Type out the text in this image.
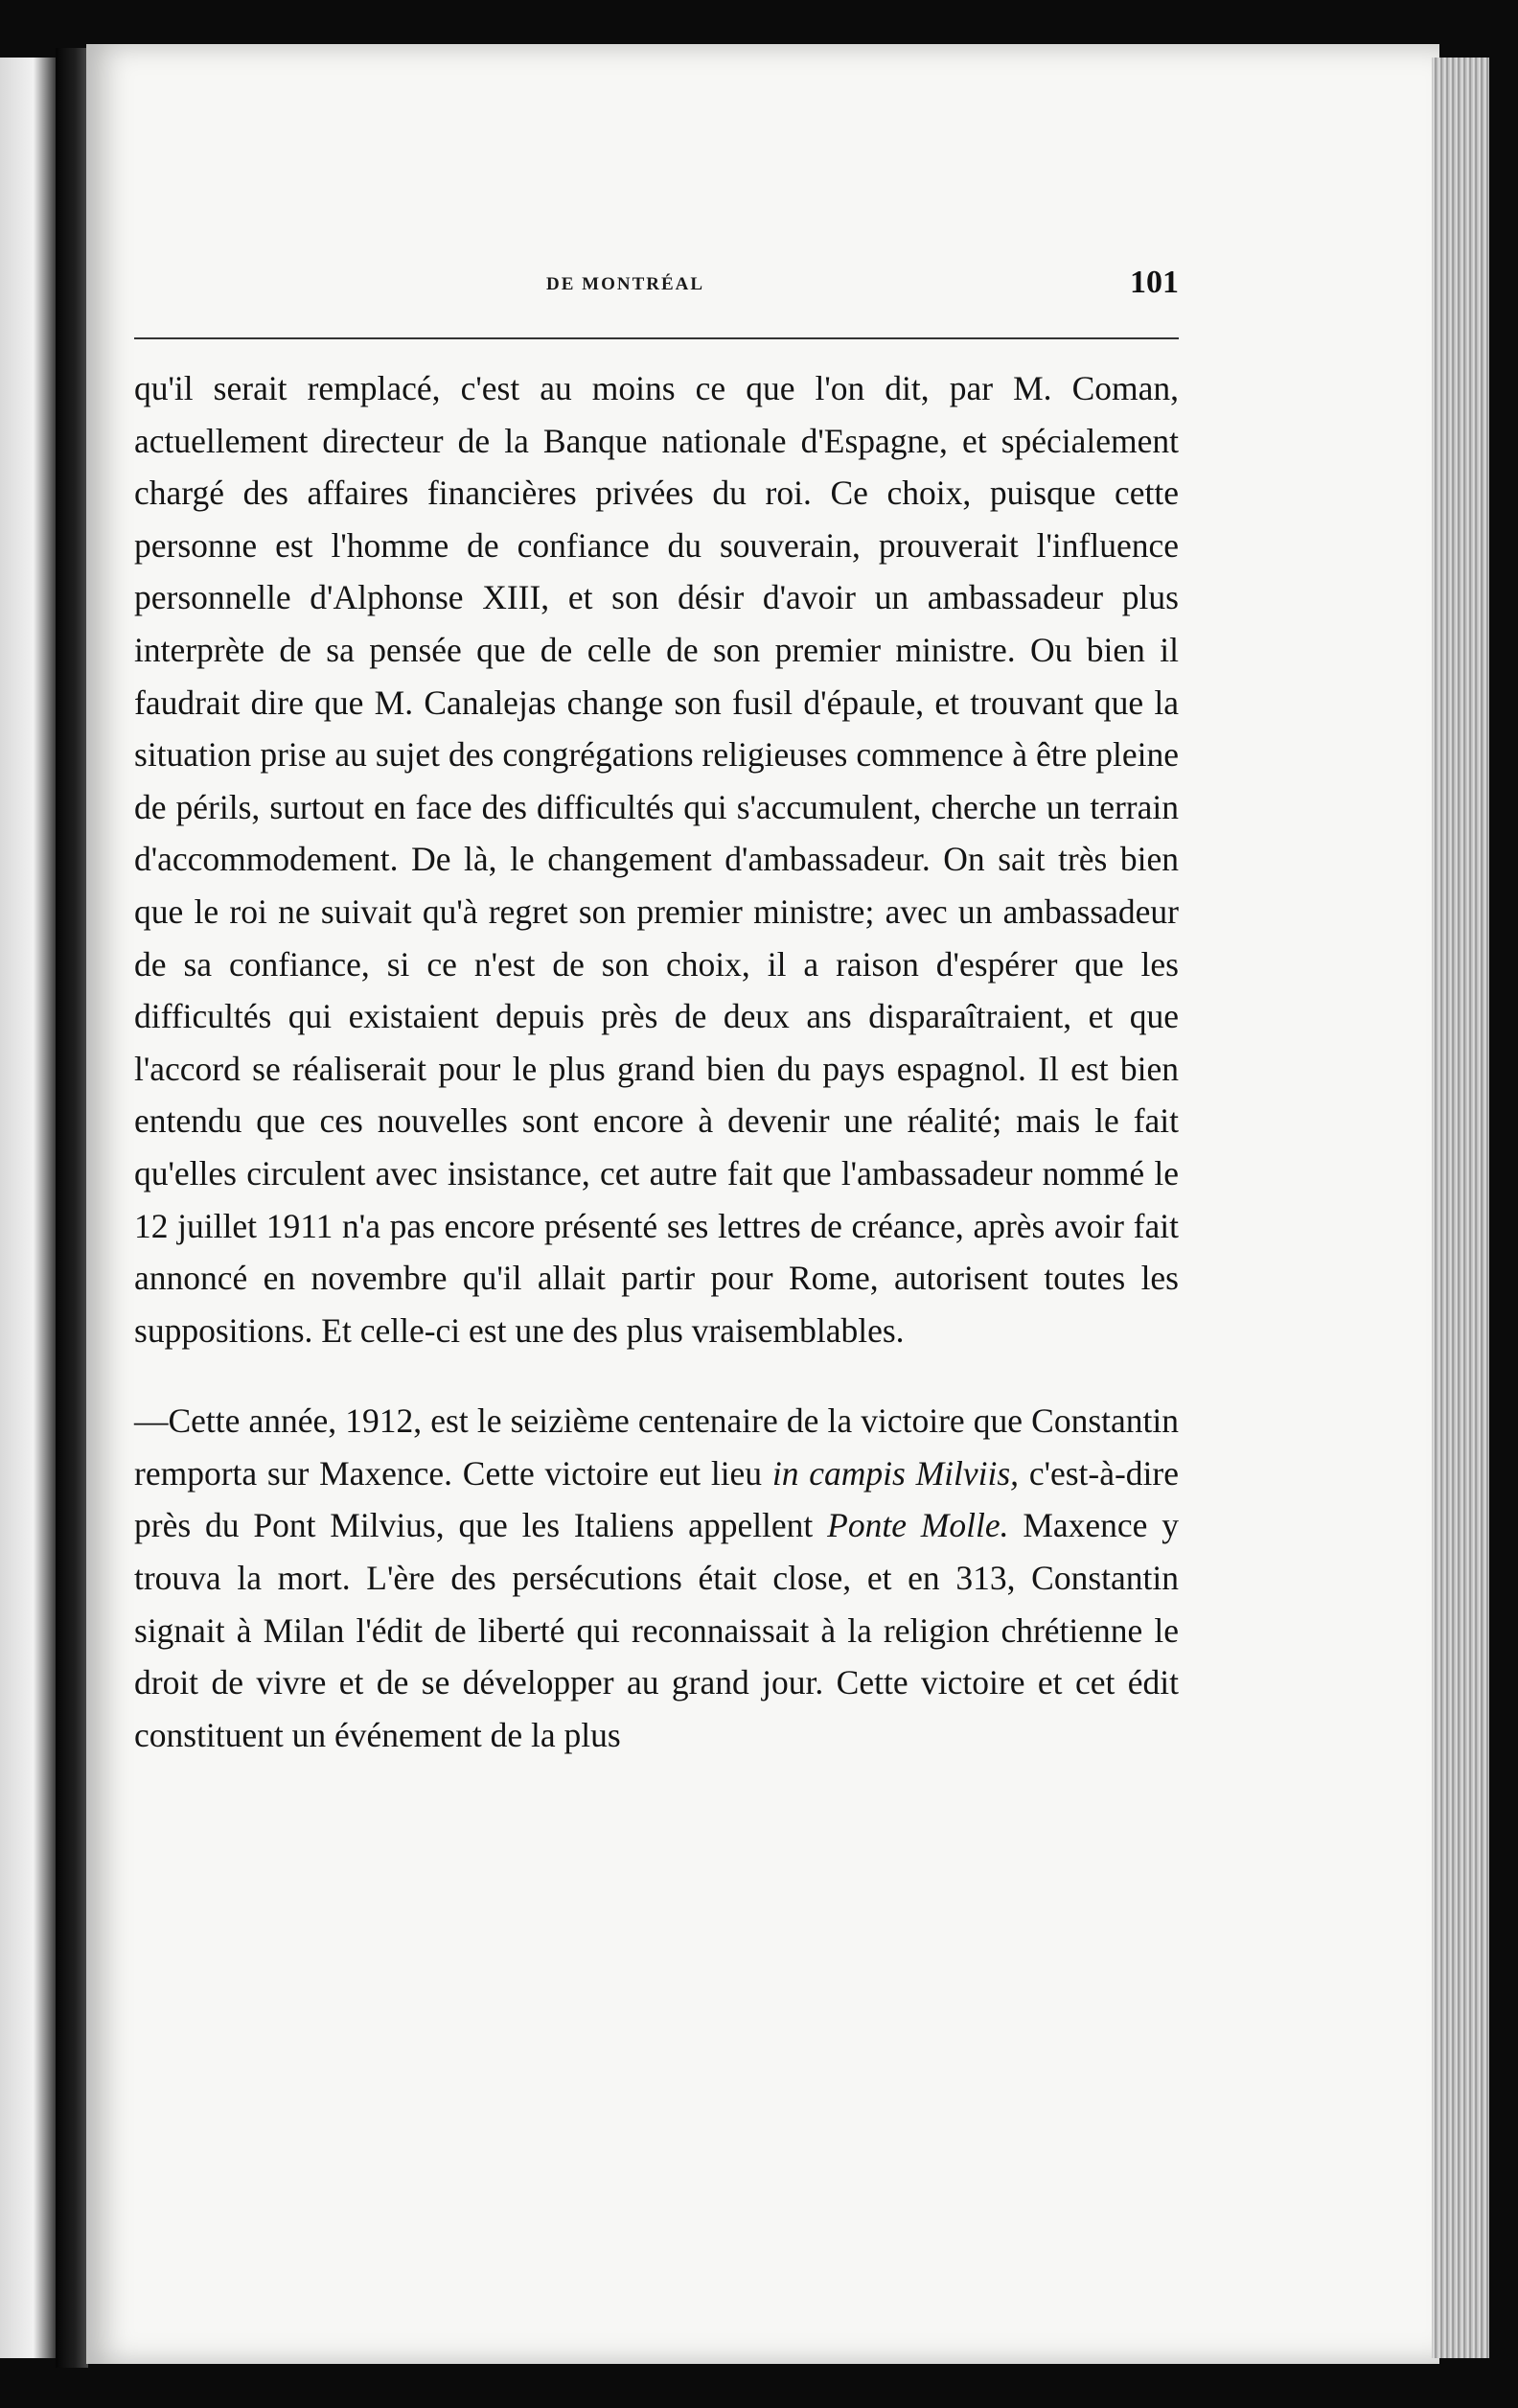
DE MONTRÉAL	101

qu'il serait remplacé, c'est au moins ce que l'on dit, par M. Coman, actuellement directeur de la Banque nationale d'Espagne, et spécialement chargé des affaires financières privées du roi. Ce choix, puisque cette personne est l'homme de confiance du souverain, prouverait l'influence personnelle d'Alphonse XIII, et son désir d'avoir un ambassadeur plus interprète de sa pensée que de celle de son premier ministre. Ou bien il faudrait dire que M. Canalejas change son fusil d'épaule, et trouvant que la situation prise au sujet des congrégations religieuses commence à être pleine de périls, surtout en face des difficultés qui s'accumulent, cherche un terrain d'accommodement. De là, le changement d'ambassadeur. On sait très bien que le roi ne suivait qu'à regret son premier ministre; avec un ambassadeur de sa confiance, si ce n'est de son choix, il a raison d'espérer que les difficultés qui existaient depuis près de deux ans disparaîtraient, et que l'accord se réaliserait pour le plus grand bien du pays espagnol. Il est bien entendu que ces nouvelles sont encore à devenir une réalité; mais le fait qu'elles circulent avec insistance, cet autre fait que l'ambassadeur nommé le 12 juillet 1911 n'a pas encore présenté ses lettres de créance, après avoir fait annoncé en novembre qu'il allait partir pour Rome, autorisent toutes les suppositions. Et celle-ci est une des plus vraisemblables.

—Cette année, 1912, est le seizième centenaire de la victoire que Constantin remporta sur Maxence. Cette victoire eut lieu in campis Milviis, c'est-à-dire près du Pont Milvius, que les Italiens appellent Ponte Molle. Maxence y trouva la mort. L'ère des persécutions était close, et en 313, Constantin signait à Milan l'édit de liberté qui reconnaissait à la religion chrétienne le droit de vivre et de se développer au grand jour. Cette victoire et cet édit constituent un événement de la plus
